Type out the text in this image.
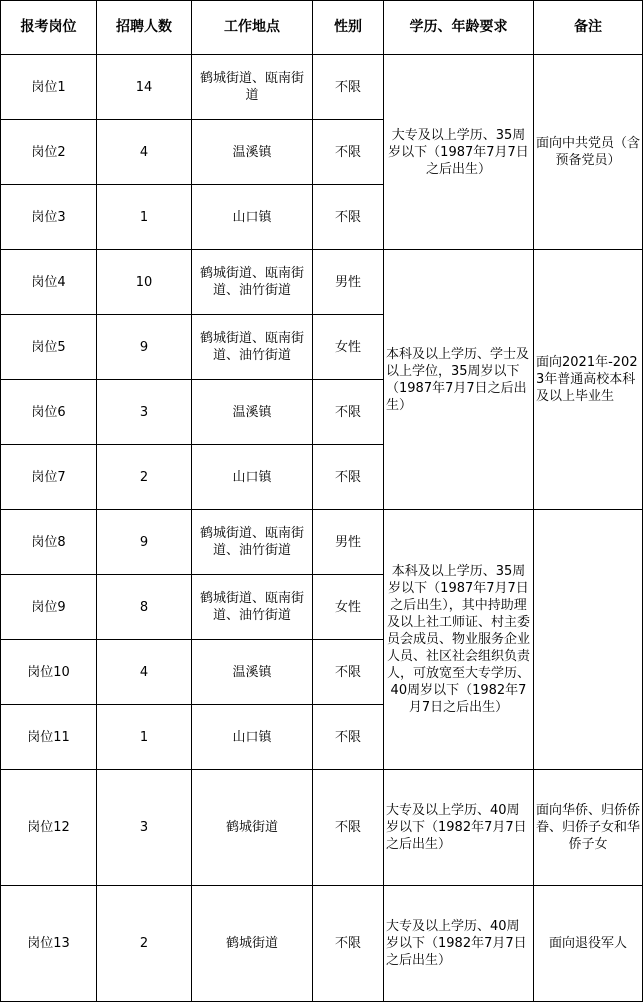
报考岗位	招聘人数	工作地点	性别	学历、年龄要求	备注
岗位1	14	鹤城街道、瓯南街道	不限	大专及以上学历、35周岁以下（1987年7月7日之后出生）	面向中共党员（含预备党员）
岗位2	4	温溪镇	不限		
岗位3	1	山口镇	不限		
岗位4	10	鹤城街道、瓯南街道、油竹街道	男性	本科及以上学历、学士及以上学位，35周岁以下（1987年7月7日之后出生）	面向2021年-2023年普通高校本科及以上毕业生
岗位5	9	鹤城街道、瓯南街道、油竹街道	女性		
岗位6	3	温溪镇	不限		
岗位7	2	山口镇	不限		
岗位8	9	鹤城街道、瓯南街道、油竹街道	男性	本科及以上学历、35周岁以下（1987年7月7日之后出生），其中持助理及以上社工师证、村主委员会成员、物业服务企业人员、社区社会组织负责人，可放宽至大专学历、40周岁以下（1982年7月7日之后出生）	
岗位9	8	鹤城街道、瓯南街道、油竹街道	女性		
岗位10	4	温溪镇	不限		
岗位11	1	山口镇	不限		
岗位12	3	鹤城街道	不限	大专及以上学历、40周岁以下（1982年7月7日之后出生）	面向华侨、归侨侨眷、归侨子女和华侨子女
岗位13	2	鹤城街道	不限	大专及以上学历、40周岁以下（1982年7月7日之后出生）	面向退役军人
